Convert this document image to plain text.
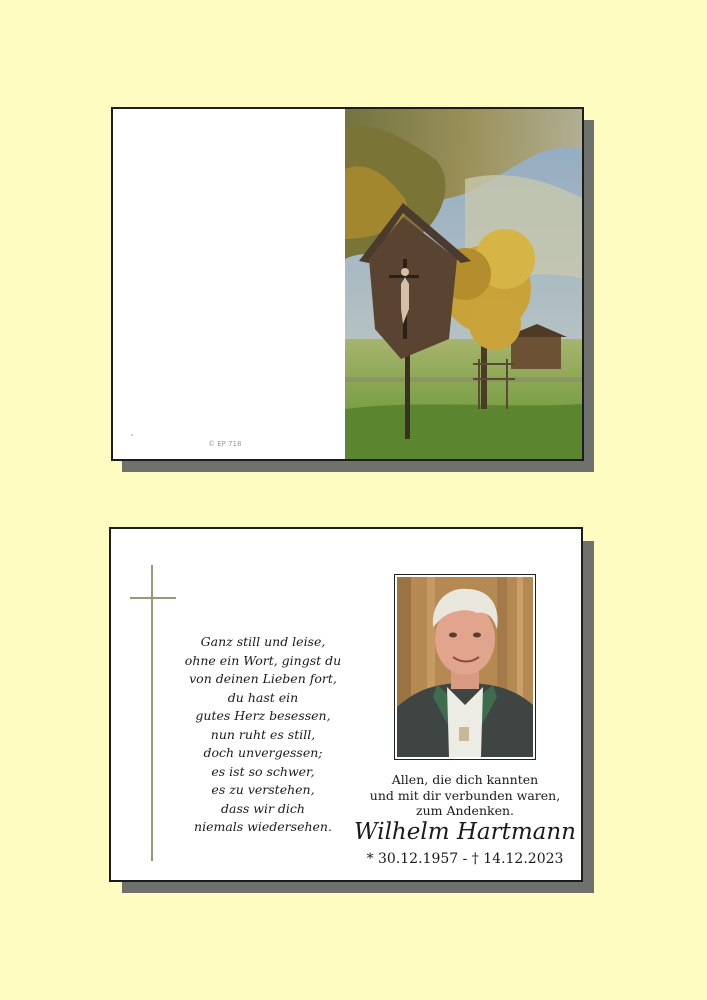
© EP 718
Ganz still und leise,
ohne ein Wort, gingst du
von deinen Lieben fort,
du hast ein
gutes Herz besessen,
nun ruht es still,
doch unvergessen;
es ist so schwer,
es zu verstehen,
dass wir dich
niemals wiedersehen.
Allen, die dich kannten
und mit dir verbunden waren,
zum Andenken.
Wilhelm Hartmann
* 30.12.1957 - † 14.12.2023
